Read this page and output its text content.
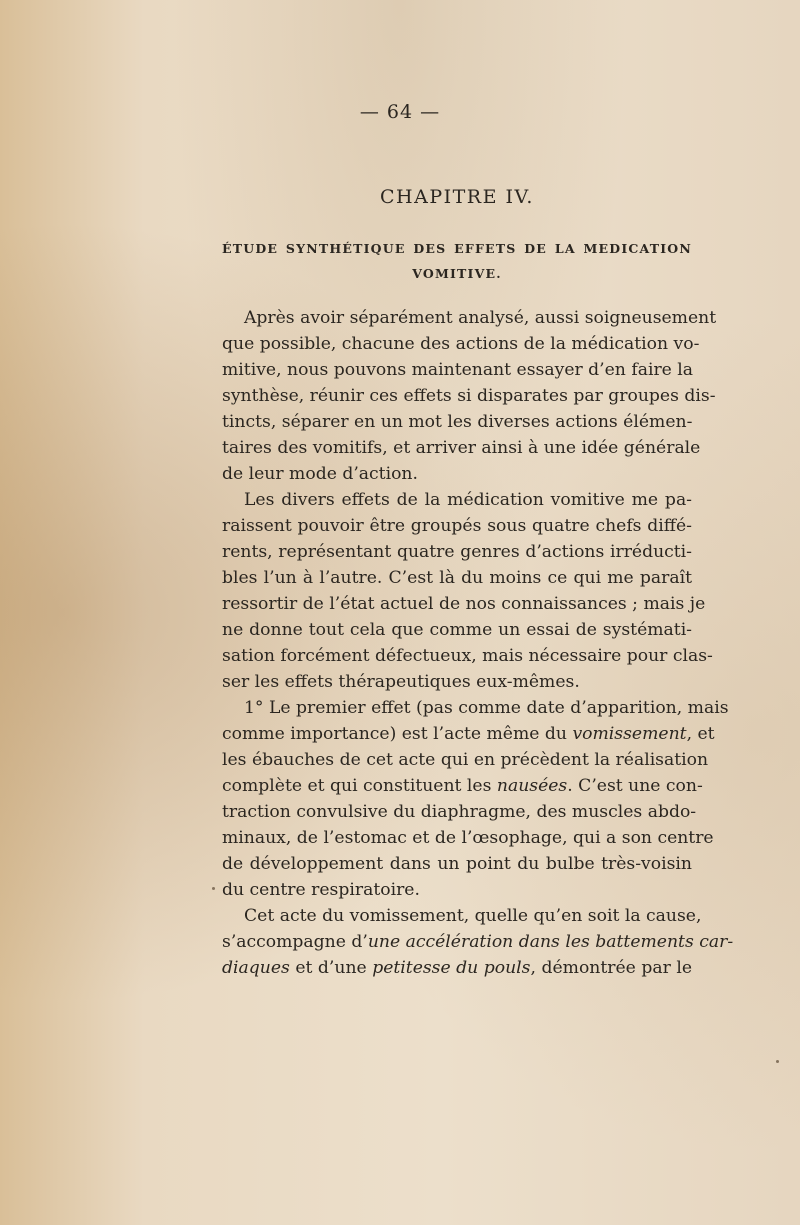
— 64 —
CHAPITRE IV.
ÉTUDE SYNTHÉTIQUE DES EFFETS DE LA MEDICATION
VOMITIVE.
Après avoir séparément analysé, aussi soigneusement
que possible, chacune des actions de la médication vo-
mitive, nous pouvons maintenant essayer d’en faire la
synthèse, réunir ces effets si disparates par groupes dis-
tincts, séparer en un mot les diverses actions élémen-
taires des vomitifs, et arriver ainsi à une idée générale
de leur mode d’action.
Les divers effets de la médication vomitive me pa-
raissent pouvoir être groupés sous quatre chefs diffé-
rents, représentant quatre genres d’actions irréducti-
bles l’un à l’autre. C’est là du moins ce qui me paraît
ressortir de l’état actuel de nos connaissances ; mais je
ne donne tout cela que comme un essai de systémati-
sation forcément défectueux, mais nécessaire pour clas-
ser les effets thérapeutiques eux-mêmes.
1° Le premier effet (pas comme date d’apparition, mais
comme importance) est l’acte même du vomissement, et
les ébauches de cet acte qui en précèdent la réalisation
complète et qui constituent les nausées. C’est une con-
traction convulsive du diaphragme, des muscles abdo-
minaux, de l’estomac et de l’œsophage, qui a son centre
de développement dans un point du bulbe très-voisin
du centre respiratoire.
Cet acte du vomissement, quelle qu’en soit la cause,
s’accompagne d’une accélération dans les battements car-
diaques et d’une petitesse du pouls, démontrée par le
